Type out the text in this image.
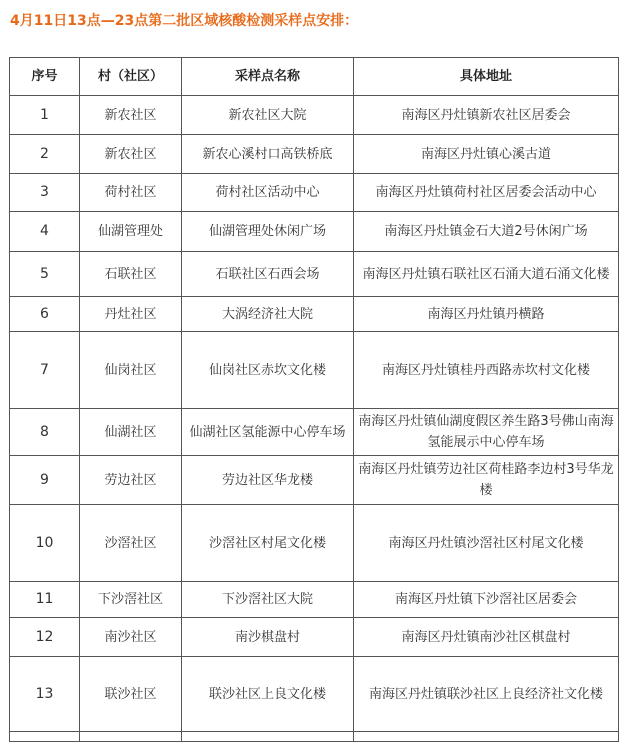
4月11日13点—23点第二批区域核酸检测采样点安排：
序号	村（社区）	采样点名称	具体地址
1	新农社区	新农社区大院	南海区丹灶镇新农社区居委会
2	新农社区	新农心溪村口高铁桥底	南海区丹灶镇心溪古道
3	荷村社区	荷村社区活动中心	南海区丹灶镇荷村社区居委会活动中心
4	仙湖管理处	仙湖管理处休闲广场	南海区丹灶镇金石大道2号休闲广场
5	石联社区	石联社区石西会场	南海区丹灶镇石联社区石涌大道石涌文化楼
6	丹灶社区	大涡经济社大院	南海区丹灶镇丹横路
7	仙岗社区	仙岗社区赤坎文化楼	南海区丹灶镇桂丹西路赤坎村文化楼
8	仙湖社区	仙湖社区氢能源中心停车场	南海区丹灶镇仙湖度假区养生路3号佛山南海氢能展示中心停车场
9	劳边社区	劳边社区华龙楼	南海区丹灶镇劳边社区荷桂路李边村3号华龙楼
10	沙滘社区	沙滘社区村尾文化楼	南海区丹灶镇沙滘社区村尾文化楼
11	下沙滘社区	下沙滘社区大院	南海区丹灶镇下沙滘社区居委会
12	南沙社区	南沙棋盘村	南海区丹灶镇南沙社区棋盘村
13	联沙社区	联沙社区上良文化楼	南海区丹灶镇联沙社区上良经济社文化楼
